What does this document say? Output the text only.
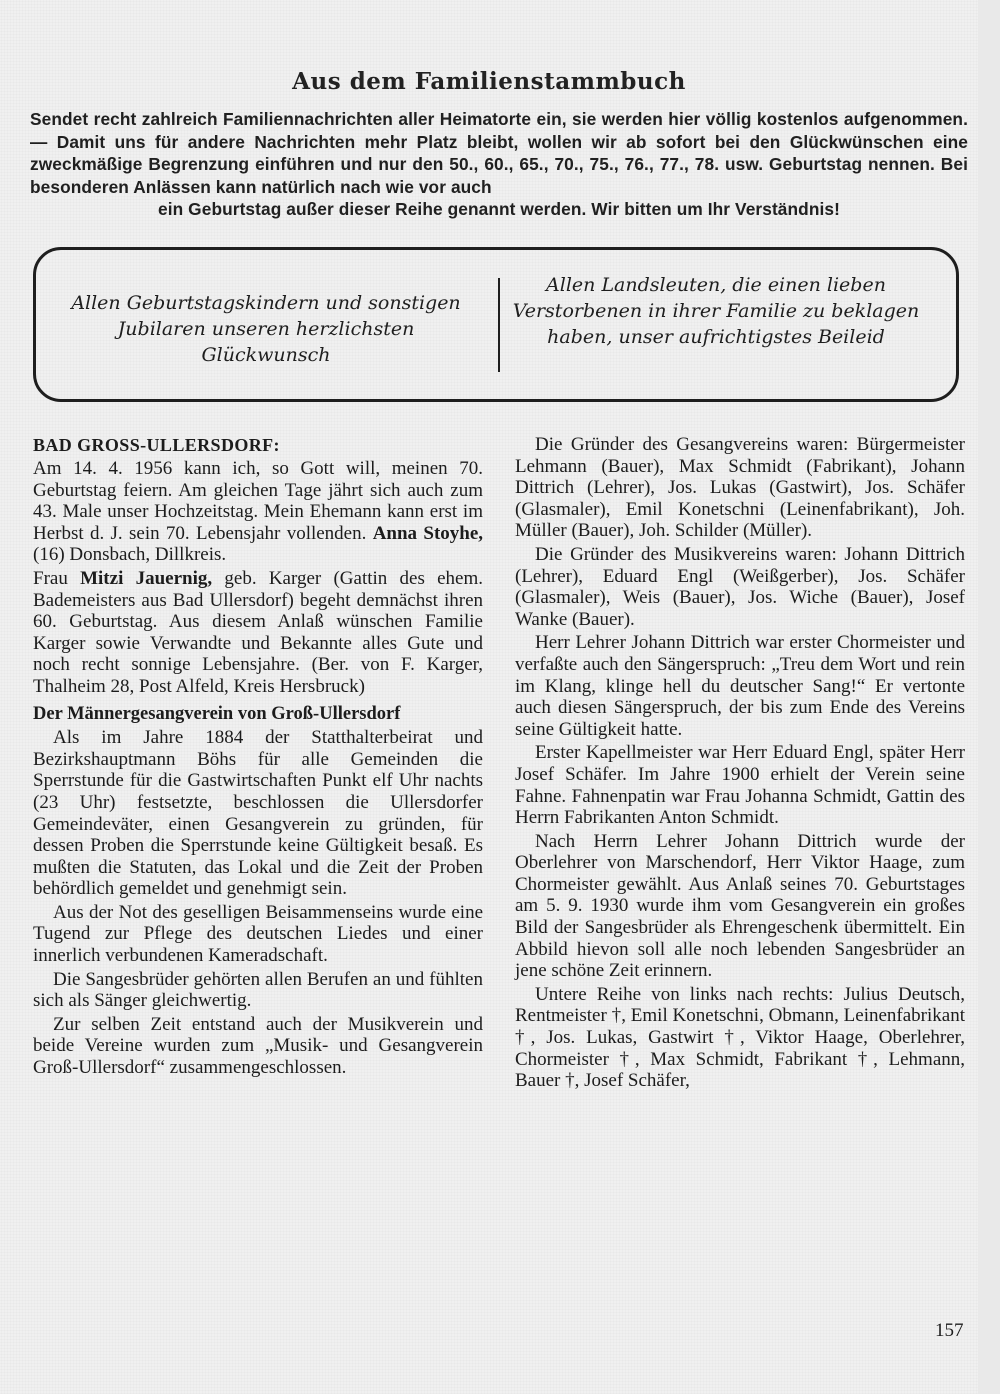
Aus dem Familienstammbuch
Sendet recht zahlreich Familiennachrichten aller Heimatorte ein, sie werden hier völlig kostenlos aufgenommen. — Damit uns für andere Nachrichten mehr Platz bleibt, wollen wir ab sofort bei den Glückwünschen eine zweckmäßige Begrenzung einführen und nur den 50., 60., 65., 70., 75., 76., 77., 78. usw. Geburtstag nennen. Bei besonderen Anlässen kann natürlich nach wie vor auch
ein Geburtstag außer dieser Reihe genannt werden. Wir bitten um Ihr Verständnis!
Allen Geburtstagskindern und sonstigen Jubilaren unseren herzlichsten Glückwunsch
Allen Landsleuten, die einen lieben Verstorbenen in ihrer Familie zu beklagen haben, unser aufrichtigstes Beileid
BAD GROSS-ULLERSDORF:

Am 14. 4. 1956 kann ich, so Gott will, meinen 70. Geburtstag feiern. Am gleichen Tage jährt sich auch zum 43. Male unser Hochzeitstag. Mein Ehemann kann erst im Herbst d. J. sein 70. Lebensjahr vollenden. Anna Stoyhe, (16) Donsbach, Dillkreis.

Frau Mitzi Jauernig, geb. Karger (Gattin des ehem. Bademeisters aus Bad Ullersdorf) begeht demnächst ihren 60. Geburtstag. Aus diesem Anlaß wünschen Familie Karger sowie Verwandte und Bekannte alles Gute und noch recht sonnige Lebensjahre. (Ber. von F. Karger, Thalheim 28, Post Alfeld, Kreis Hersbruck)

Der Männergesangverein von Groß-Ullersdorf

Als im Jahre 1884 der Statthalterbeirat und Bezirkshauptmann Böhs für alle Gemeinden die Sperrstunde für die Gastwirtschaften Punkt elf Uhr nachts (23 Uhr) festsetzte, beschlossen die Ullersdorfer Gemeindeväter, einen Gesangverein zu gründen, für dessen Proben die Sperrstunde keine Gültigkeit besaß. Es mußten die Statuten, das Lokal und die Zeit der Proben behördlich gemeldet und genehmigt sein.

Aus der Not des geselligen Beisammenseins wurde eine Tugend zur Pflege des deutschen Liedes und einer innerlich verbundenen Kameradschaft.

Die Sangesbrüder gehörten allen Berufen an und fühlten sich als Sänger gleichwertig.

Zur selben Zeit entstand auch der Musikverein und beide Vereine wurden zum „Musik- und Gesangverein Groß-Ullersdorf“ zusammengeschlossen.

Die Gründer des Gesangvereins waren: Bürgermeister Lehmann (Bauer), Max Schmidt (Fabrikant), Johann Dittrich (Lehrer), Jos. Lukas (Gastwirt), Jos. Schäfer (Glasmaler), Emil Konetschni (Leinenfabrikant), Joh. Müller (Bauer), Joh. Schilder (Müller).

Die Gründer des Musikvereins waren: Johann Dittrich (Lehrer), Eduard Engl (Weißgerber), Jos. Schäfer (Glasmaler), Weis (Bauer), Jos. Wiche (Bauer), Josef Wanke (Bauer).

Herr Lehrer Johann Dittrich war erster Chormeister und verfaßte auch den Sängerspruch: „Treu dem Wort und rein im Klang, klinge hell du deutscher Sang!“ Er vertonte auch diesen Sängerspruch, der bis zum Ende des Vereins seine Gültigkeit hatte.

Erster Kapellmeister war Herr Eduard Engl, später Herr Josef Schäfer. Im Jahre 1900 erhielt der Verein seine Fahne. Fahnenpatin war Frau Johanna Schmidt, Gattin des Herrn Fabrikanten Anton Schmidt.

Nach Herrn Lehrer Johann Dittrich wurde der Oberlehrer von Marschendorf, Herr Viktor Haage, zum Chormeister gewählt. Aus Anlaß seines 70. Geburtstages am 5. 9. 1930 wurde ihm vom Gesangverein ein großes Bild der Sangesbrüder als Ehrengeschenk übermittelt. Ein Abbild hievon soll alle noch lebenden Sangesbrüder an jene schöne Zeit erinnern.

Untere Reihe von links nach rechts: Julius Deutsch, Rentmeister †, Emil Konetschni, Obmann, Leinenfabrikant †, Jos. Lukas, Gastwirt †, Viktor Haage, Oberlehrer, Chormeister †, Max Schmidt, Fabrikant †, Lehmann, Bauer †, Josef Schäfer,

157
